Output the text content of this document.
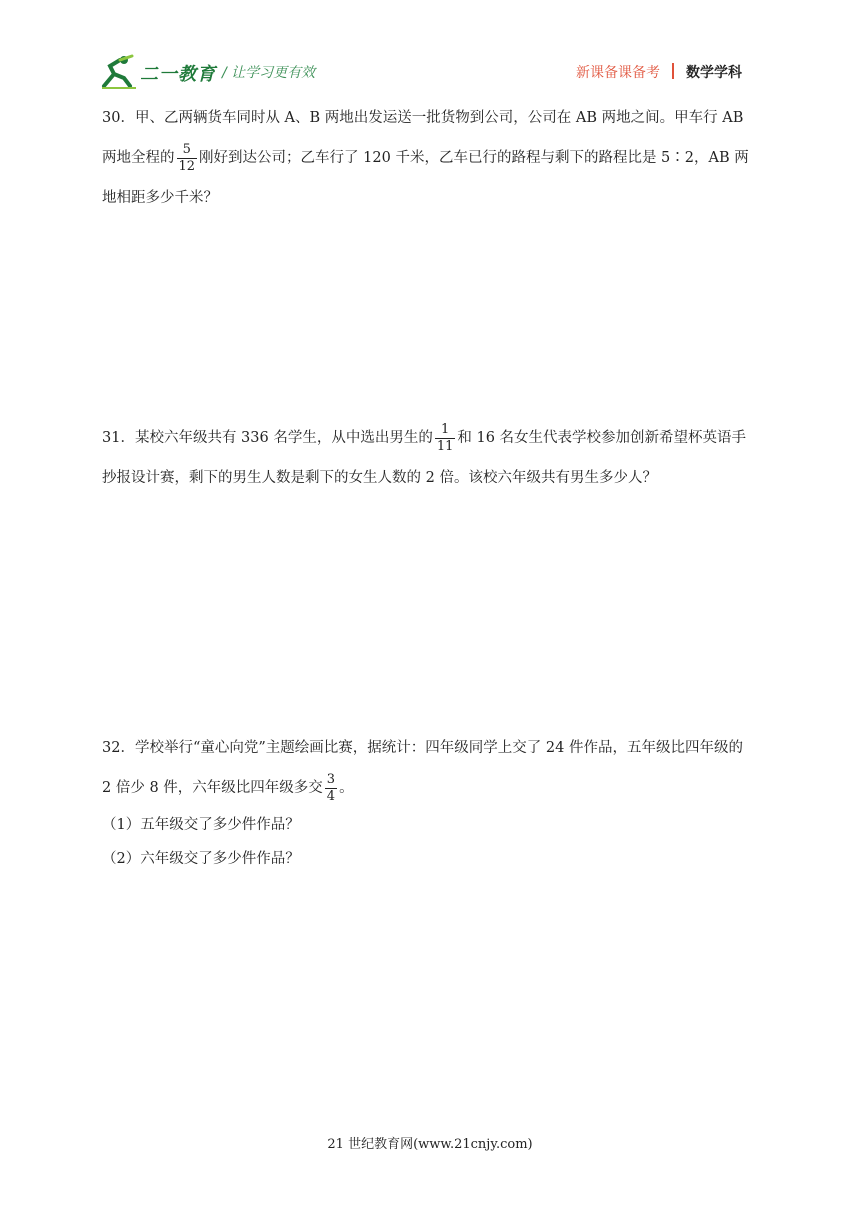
二一教育 / 让学习更有效	新课备课备考 数学学科

30．甲、乙两辆货车同时从 A、B 两地出发运送一批货物到公司，公司在 AB 两地之间。甲车行 AB

两地全程的 $\frac{5}{12}$ 刚好到达公司；乙车行了 120 千米，乙车已行的路程与剩下的路程比是 5∶2，AB 两

地相距多少千米？

31．某校六年级共有 336 名学生，从中选出男生的 $\frac{1}{11}$ 和 16 名女生代表学校参加创新希望杯英语手

抄报设计赛，剩下的男生人数是剩下的女生人数的 2 倍。该校六年级共有男生多少人？

32．学校举行“童心向党”主题绘画比赛，据统计：四年级同学上交了 24 件作品，五年级比四年级的

2 倍少 8 件，六年级比四年级多交 $\frac{3}{4}$ 。

（1）五年级交了多少件作品？

（2）六年级交了多少件作品？

21 世纪教育网(www.21cnjy.com)
